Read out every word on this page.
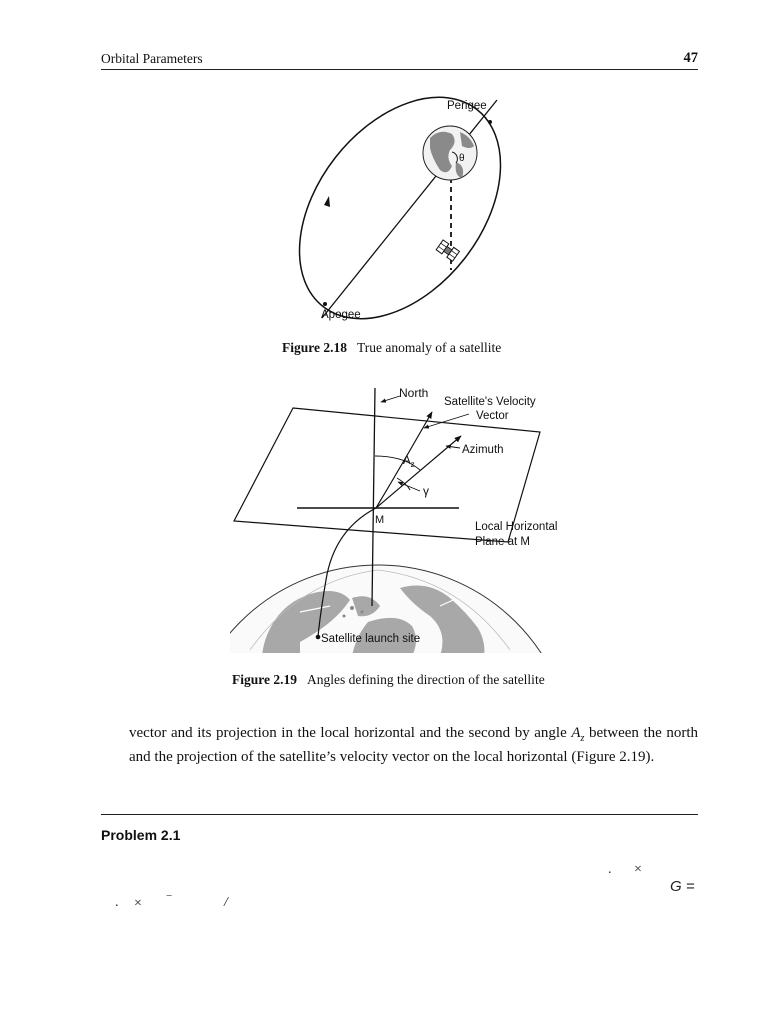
Orbital Parameters	47
θ
Perigee
Apogee
Figure 2.18 True anomaly of a satellite
North
Satellite's Velocity
Vector
Azimuth
$A_z$
γ
M
Local Horizontal
Plane at M
Satellite launch site
Figure 2.19 Angles defining the direction of the satellite

vector and its projection in the local horizontal and the second by angle $A_z$ between the north and the projection of the satellite’s velocity vector on the local horizontal (Figure 2.19).

Problem 2.1
. ×
G =
. × −	/
